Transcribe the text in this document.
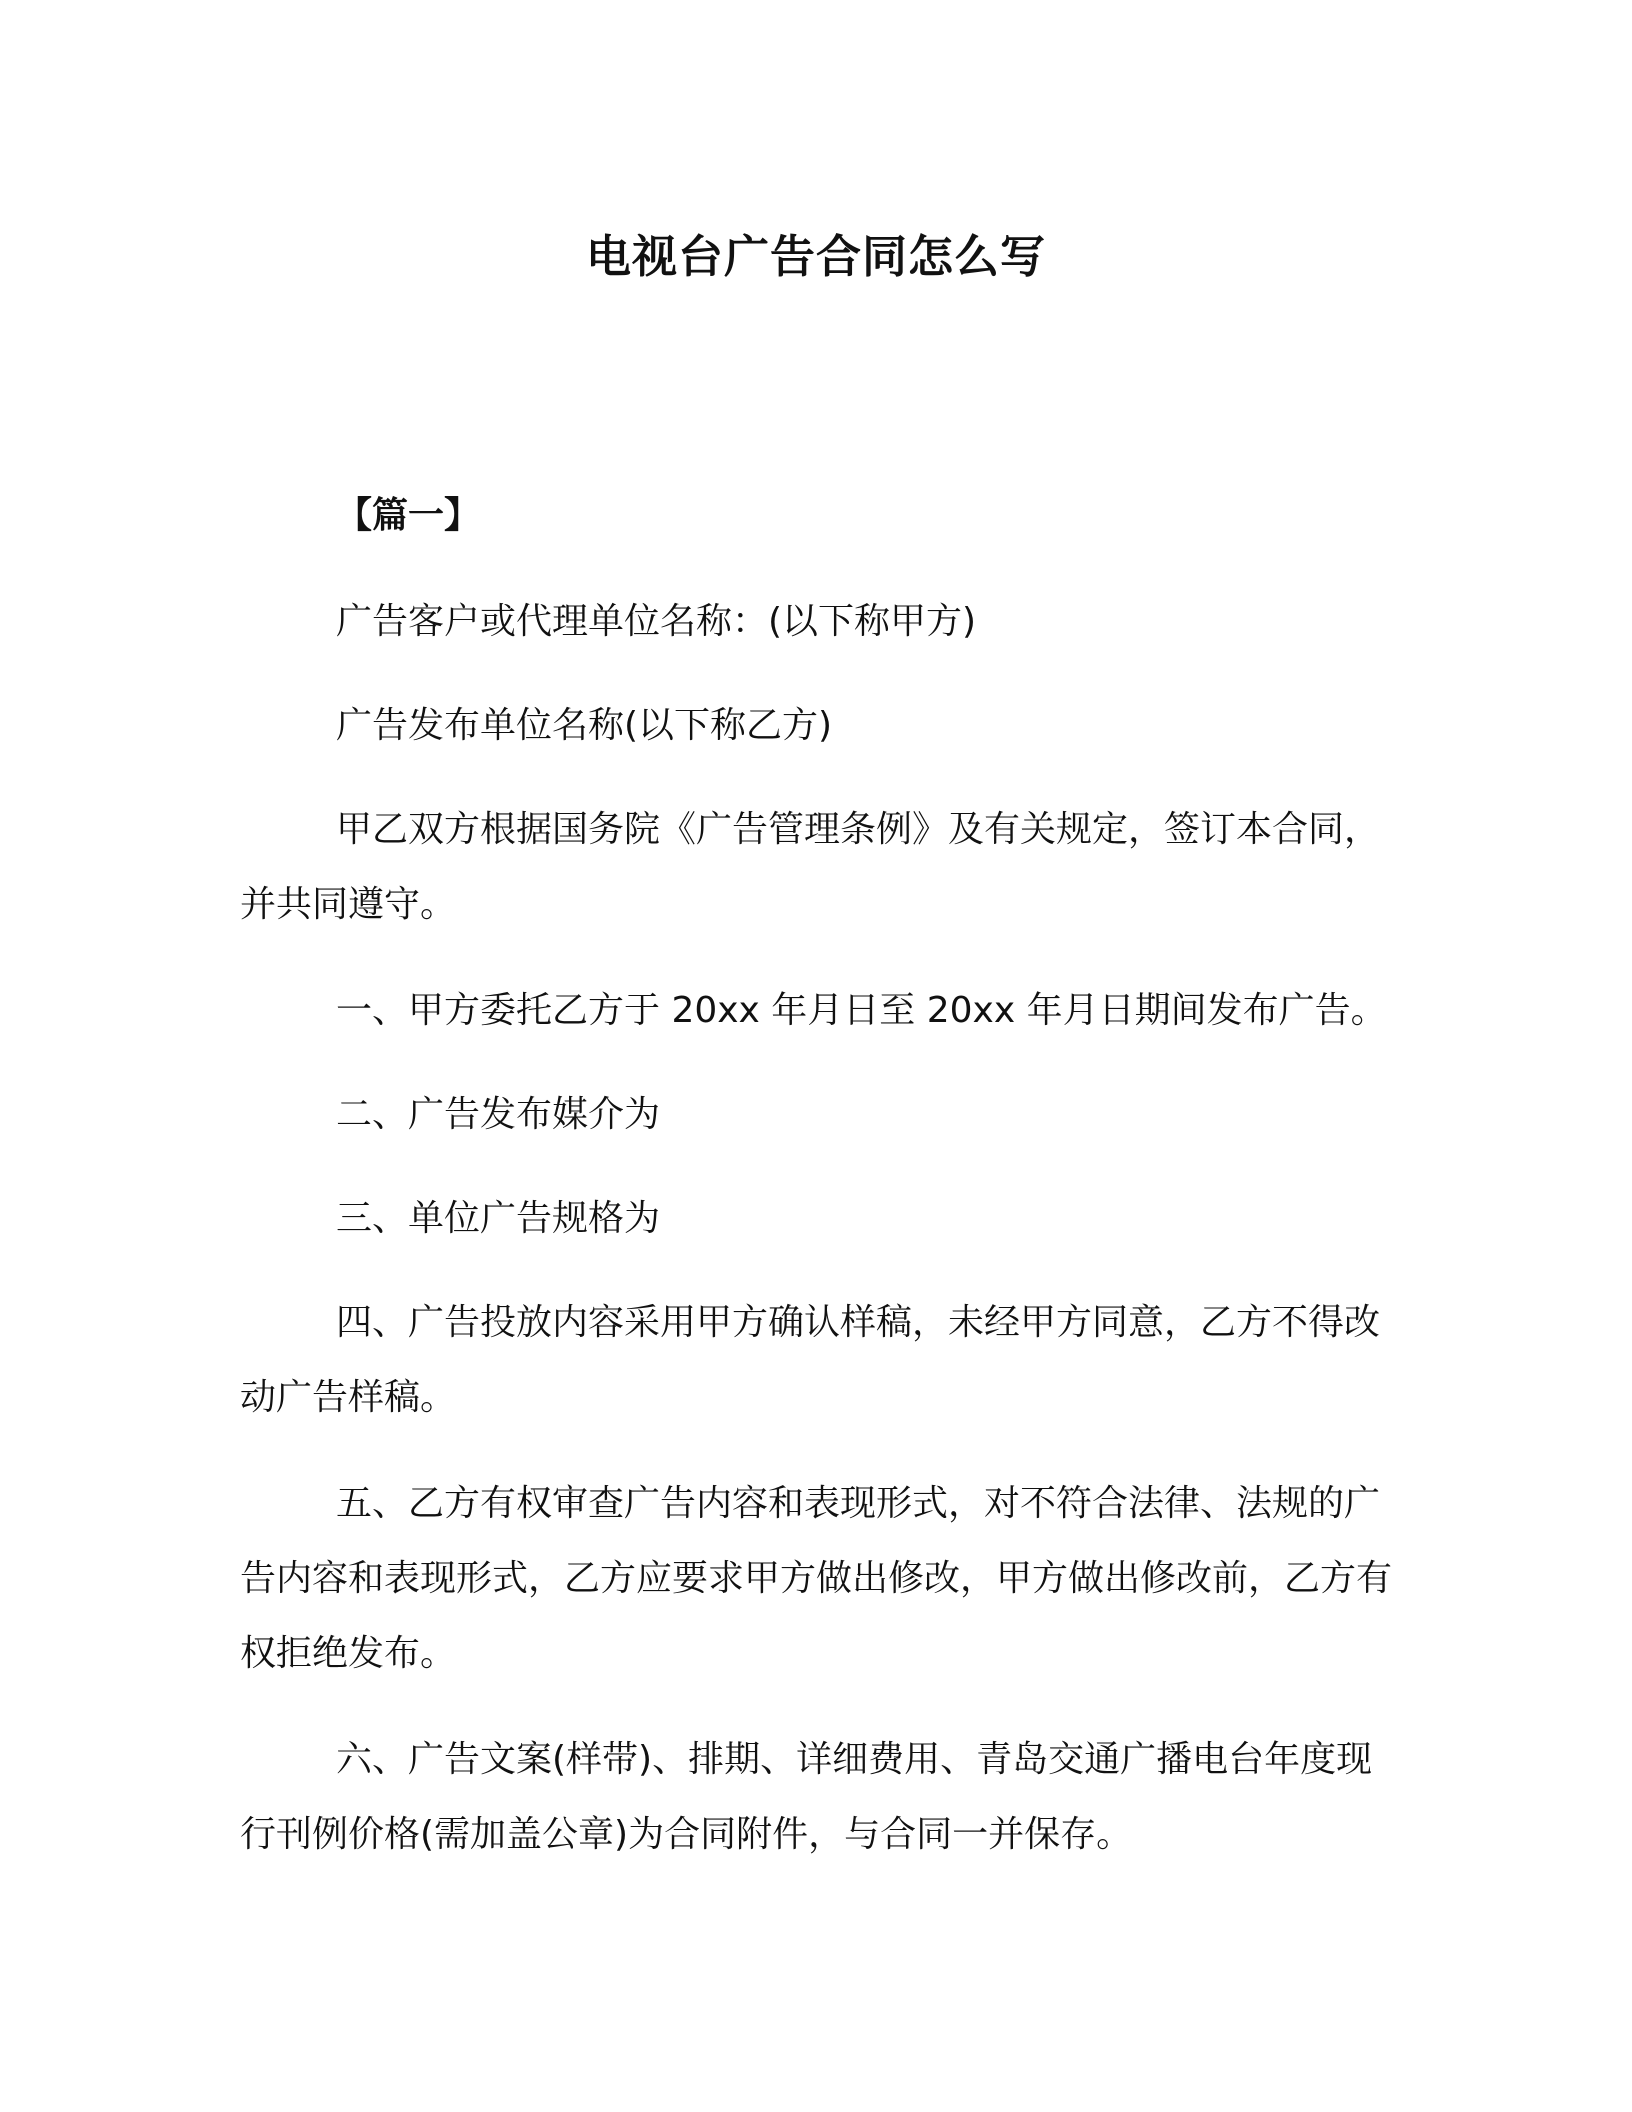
电视台广告合同怎么写

【篇一】

广告客户或代理单位名称：(以下称甲方)

广告发布单位名称(以下称乙方)

甲乙双方根据国务院《广告管理条例》及有关规定，签订本合同，并共同遵守。

一、甲方委托乙方于 20xx 年月日至 20xx 年月日期间发布广告。

二、广告发布媒介为

三、单位广告规格为

四、广告投放内容采用甲方确认样稿，未经甲方同意，乙方不得改动广告样稿。

五、乙方有权审查广告内容和表现形式，对不符合法律、法规的广告内容和表现形式，乙方应要求甲方做出修改，甲方做出修改前，乙方有权拒绝发布。

六、广告文案(样带)、排期、详细费用、青岛交通广播电台年度现行刊例价格(需加盖公章)为合同附件，与合同一并保存。
